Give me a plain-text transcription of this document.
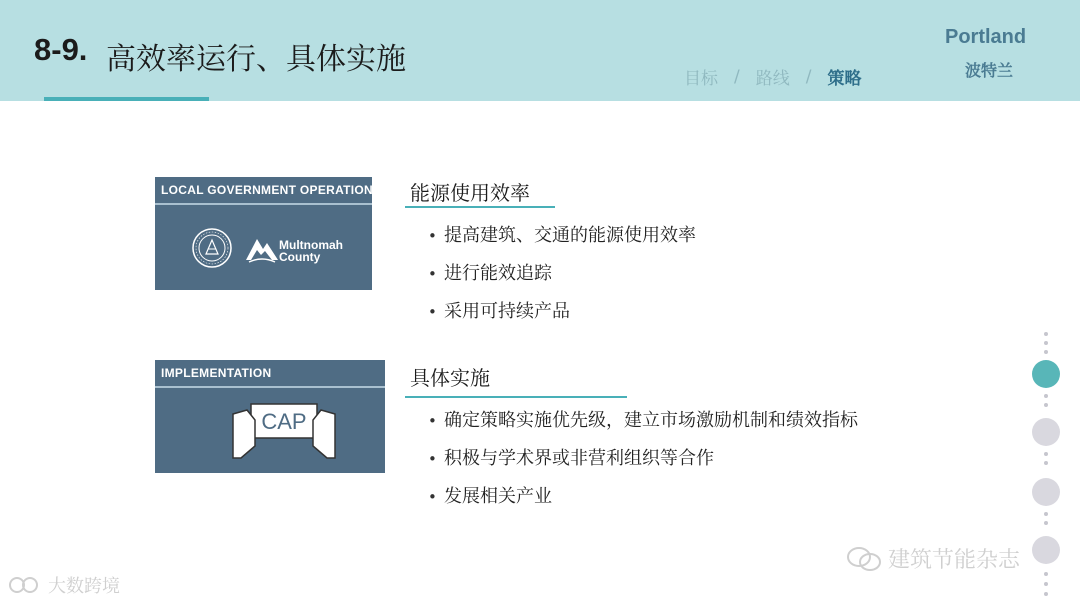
8-9. 高效率运行、具体实施
目标 / 路线 / 策略
Portland
波特兰
LOCAL GOVERNMENT OPERATIONS
Multnomah
County
IMPLEMENTATION
CAP
能源使用效率
• 提高建筑、交通的能源使用效率
• 进行能效追踪
• 采用可持续产品
具体实施
• 确定策略实施优先级，建立市场激励机制和绩效指标
• 积极与学术界或非营利组织等合作
• 发展相关产业
大数跨境
建筑节能杂志
